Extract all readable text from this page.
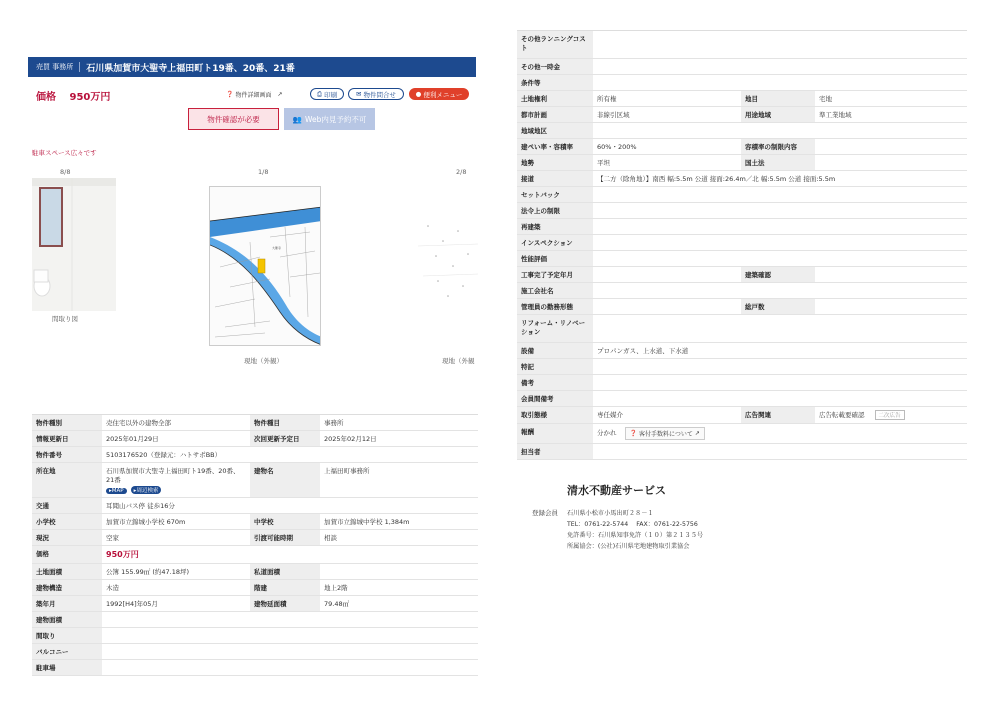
売買 事務所	石川県加賀市大聖寺上福田町ト19番、20番、21番
価格 950万円	❓ 物件詳細画面 ↗	⎙ 印刷	✉ 物件問合せ	● 便利メニュー
物件確認が必要	👥 Web内見予約不可
駐車スペース広々です
8/8	1/8	2/8
間取り図
大聖寺
現地（外観）	現地（外観
物件種別	売住宅以外の建物全部	物件種目	事務所
情報更新日	2025年01月29日	次回更新予定日	2025年02月12日
物件番号	5103176520（登録元：ハトサポBB）
所在地	石川県加賀市大聖寺上福田町ト19番、20番、21番
▸MAP ▸周辺検索
建物名	上福田町事務所
交通	耳聞山バス停 徒歩16分
小学校	加賀市立錦城小学校 670m	中学校	加賀市立錦城中学校 1,384m
現況	空家	引渡可能時期	相談
価格	950万円
土地面積	公簿 155.99㎡ (約47.18坪)	私道面積
建物構造	木造	階建	地上2階
築年月	1992[H4]年05月	建物延面積	79.48㎡
建物面積
間取り
バルコニー
駐車場
その他ランニングコスト
その他一時金
条件等
土地権利	所有権	地目	宅地
都市計画	非線引区域	用途地域	準工業地域
地域地区
建ぺい率・容積率	60%・200%	容積率の制限内容
地勢	平坦	国土法
接道	【二方（除角地）】南西 幅:5.5m 公道 接面:26.4m／北 幅:5.5m 公道 接面:5.5m
セットバック
法令上の制限
再建築
インスペクション
性能評価
工事完了予定年月	建築確認
施工会社名
管理員の勤務形態	総戸数
リフォーム・リノベーション
設備	プロパンガス、上水道、下水道
特記
備考
会員間備考
取引態様	専任媒介	広告関連	広告転載要確認	二次広告
報酬	分かれ ❓ 客付手数料について ↗
担当者
清水不動産サービス
登録会員 石川県小松市小馬出町２８－１
TEL：0761-22-5744　 FAX：0761-22-5756
免許番号：石川県知事免許（１０）第２１３５号
所属協会：(公社)石川県宅地建物取引業協会
